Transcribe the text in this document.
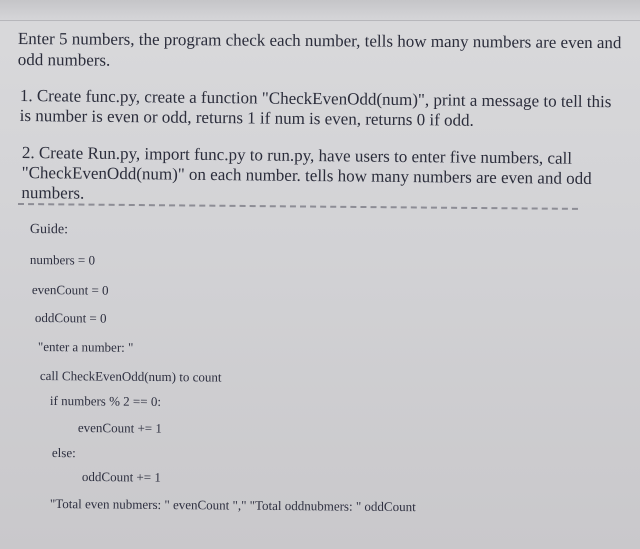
Enter 5 numbers, the program check each number, tells how many numbers are even and odd numbers.
1. Create func.py, create a function "CheckEvenOdd(num)", print a message to tell this is number is even or odd, returns 1 if num is even, returns 0 if odd.
2. Create Run.py, import func.py to run.py, have users to enter five numbers, call "CheckEvenOdd(num)" on each number. tells how many numbers are even and odd numbers.
Guide:
numbers = 0
evenCount = 0
oddCount = 0
"enter a number: "
call CheckEvenOdd(num) to count
if numbers % 2 == 0:
evenCount += 1
else:
oddCount += 1
"Total even nubmers: " evenCount "," "Total oddnubmers: " oddCount
